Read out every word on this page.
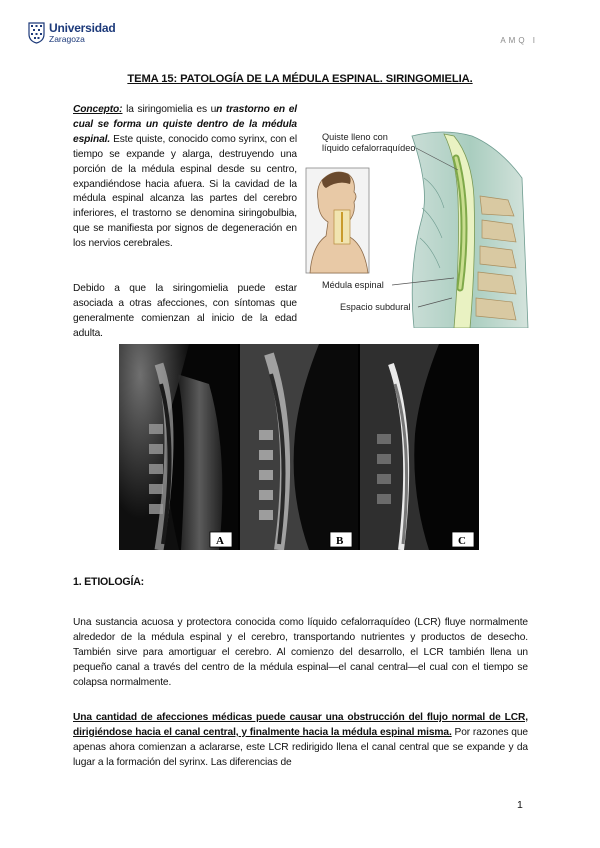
Universidad
Zaragoza	AMQ I
TEMA 15: PATOLOGÍA DE LA MÉDULA ESPINAL. SIRINGOMIELIA.

Concepto: la siringomielia es un trastorno en el cual se forma un quiste dentro de la médula espinal. Este quiste, conocido como syrinx, con el tiempo se expande y alarga, destruyendo una porción de la médula espinal desde su centro, expandiéndose hacia afuera. Si la cavidad de la médula espinal alcanza las partes del cerebro inferiores, el trastorno se denomina siringobulbia, que se manifiesta por signos de degeneración en los nervios cerebrales.

Debido a que la siringomielia puede estar asociada a otras afecciones, con síntomas que generalmente comienzan al inicio de la edad adulta.

Quiste lleno con
líquido cefalorraquídeo
Médula espinal
Espacio subdural
A	B	C
1. ETIOLOGÍA:

Una sustancia acuosa y protectora conocida como líquido cefalorraquídeo (LCR) fluye normalmente alrededor de la médula espinal y el cerebro, transportando nutrientes y productos de desecho. También sirve para amortiguar el cerebro. Al comienzo del desarrollo, el LCR también llena un pequeño canal a través del centro de la médula espinal—el canal central—el cual con el tiempo se colapsa normalmente.

Una cantidad de afecciones médicas puede causar una obstrucción del flujo normal de LCR, dirigiéndose hacia el canal central, y finalmente hacia la médula espinal misma. Por razones que apenas ahora comienzan a aclararse, este LCR redirigido llena el canal central que se expande y da lugar a la formación del syrinx. Las diferencias de

1
